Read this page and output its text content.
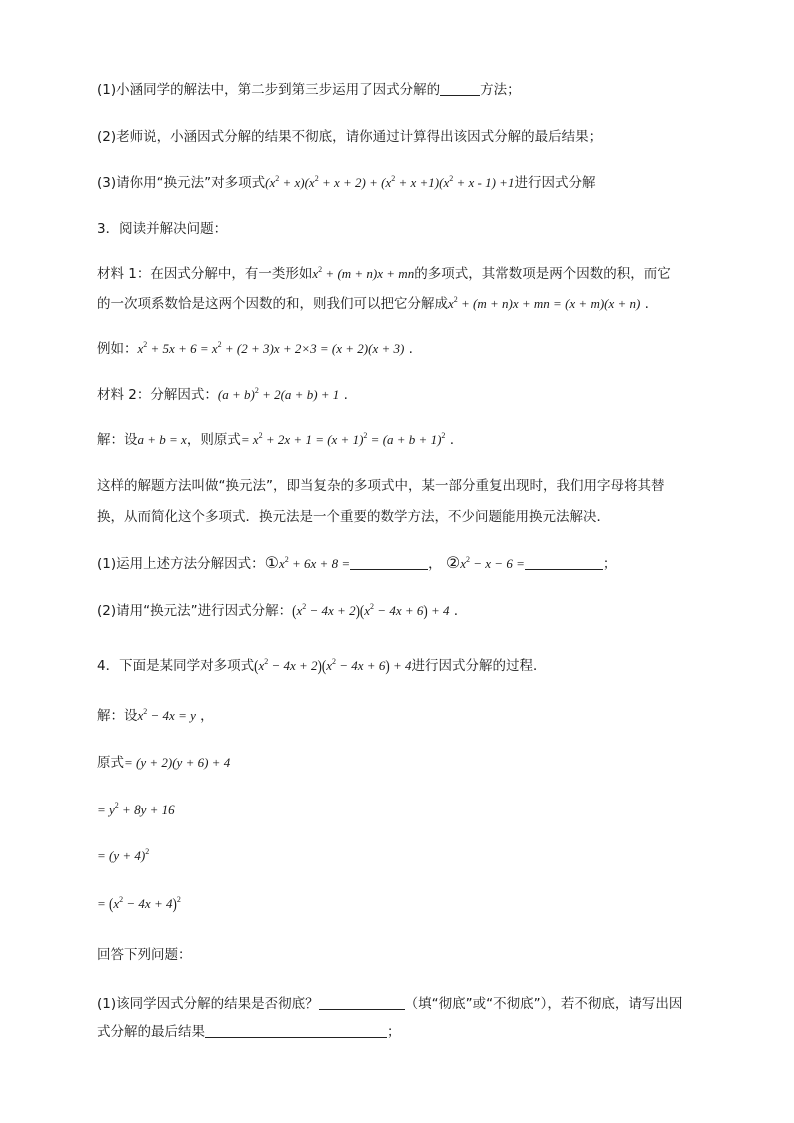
(1)小涵同学的解法中，第二步到第三步运用了因式分解的	方法；
(2)老师说，小涵因式分解的结果不彻底，请你通过计算得出该因式分解的最后结果；
(3)请你用“换元法”对多项式$(x^2 + x)(x^2 + x + 2) + (x^2 + x +1)(x^2 + x - 1) +1$进行因式分解
3．阅读并解决问题：
材料 1：在因式分解中，有一类形如$x^2 + (m + n)x$ + mn的多项式，其常数项是两个因数的积，而它
的一次项系数恰是这两个因数的和，则我们可以把它分解成$x^2 + (m + n)x$ + mn = (x + m)(x + n) .
例如：$x^2 + 5x + 6 = x^2 + (2 + 3)x + 2\times 3 = (x + 2)(x + 3)$ .
材料 2：分解因式：$(a + b)^2 + 2(a + b) + 1$ .
解：设a + b = x，则原式= $x^2 + 2x + 1 = (x + 1)^2 = (a + b + 1)^2$ .
这样的解题方法叫做“换元法”，即当复杂的多项式中，某一部分重复出现时，我们用字母将其替
换，从而简化这个多项式．换元法是一个重要的数学方法，不少问题能用换元法解决．
(1)运用上述方法分解因式：$①x^2 + 6x + 8$ =	， $②x^2 - x - 6$ =	；
(2)请用“换元法”进行因式分解：$(x^2 - 4x + 2)(x^2 - 4x + 6) + 4$ .
4．下面是某同学对多项式$(x^2 - 4x + 2)(x^2 - 4x + 6) + 4$进行因式分解的过程．
解：设$x^2 - 4x = y$ ，
原式= (y + 2)(y + 6) + 4
= $y^2 + 8y + 16$
= $(y + 4)^2$
= $(x^2 - 4x + 4)^2$
回答下列问题：
(1)该同学因式分解的结果是否彻底？	（填“彻底”或“不彻底”），若不彻底，请写出因
式分解的最后结果	；
